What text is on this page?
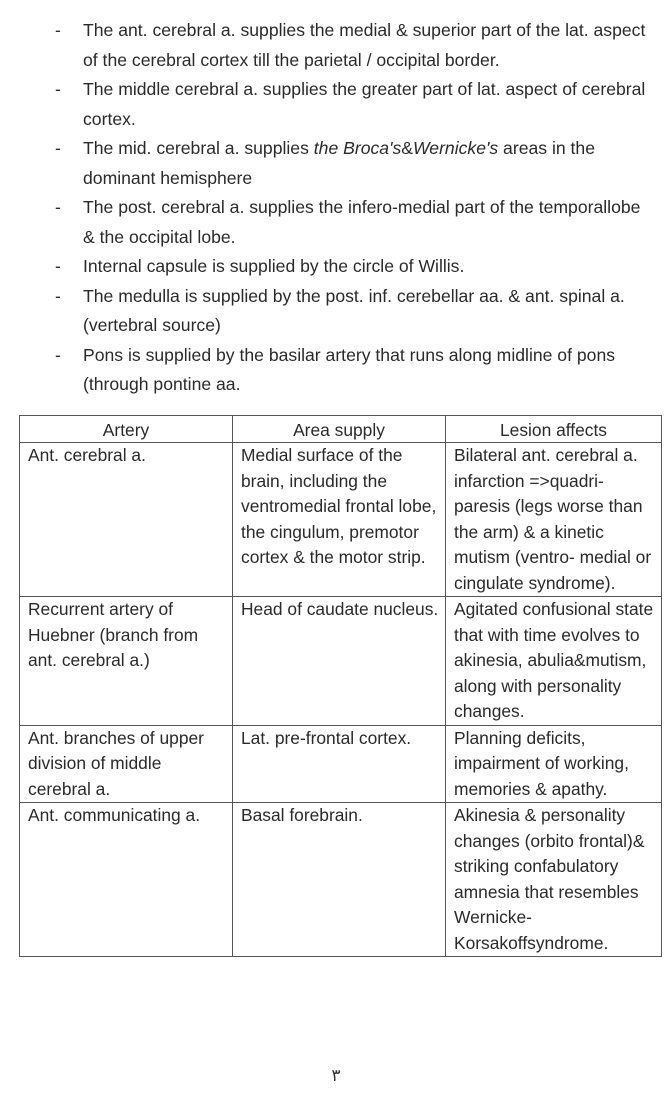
- The ant. cerebral a. supplies the medial & superior part of the lat. aspect of the cerebral cortex till the parietal / occipital border.
- The middle cerebral a. supplies the greater part of lat. aspect of cerebral cortex.
- The mid. cerebral a. supplies the Broca's&Wernicke's areas in the dominant hemisphere
- The post. cerebral a. supplies the infero-medial part of the temporallobe & the occipital lobe.
- Internal capsule is supplied by the circle of Willis.
- The medulla is supplied by the post. inf. cerebellar aa. & ant. spinal a. (vertebral source)
- Pons is supplied by the basilar artery that runs along midline of pons (through pontine aa.
Artery	Area supply	Lesion affects
Ant. cerebral a.	Medial surface of the brain, including the ventromedial frontal lobe, the cingulum, premotor cortex & the motor strip.	Bilateral ant. cerebral a. infarction =>quadri-paresis (legs worse than the arm) & a kinetic mutism (ventro- medial or cingulate syndrome).
Recurrent artery of Huebner (branch from ant. cerebral a.)	Head of caudate nucleus.	Agitated confusional state that with time evolves to akinesia, abulia&mutism, along with personality changes.
Ant. branches of upper division of middle cerebral a.	Lat. pre-frontal cortex.	Planning deficits, impairment of working, memories & apathy.
Ant. communicating a.	Basal forebrain.	Akinesia & personality changes (orbito frontal)& striking confabulatory amnesia that resembles Wernicke-Korsakoffsyndrome.
٣
